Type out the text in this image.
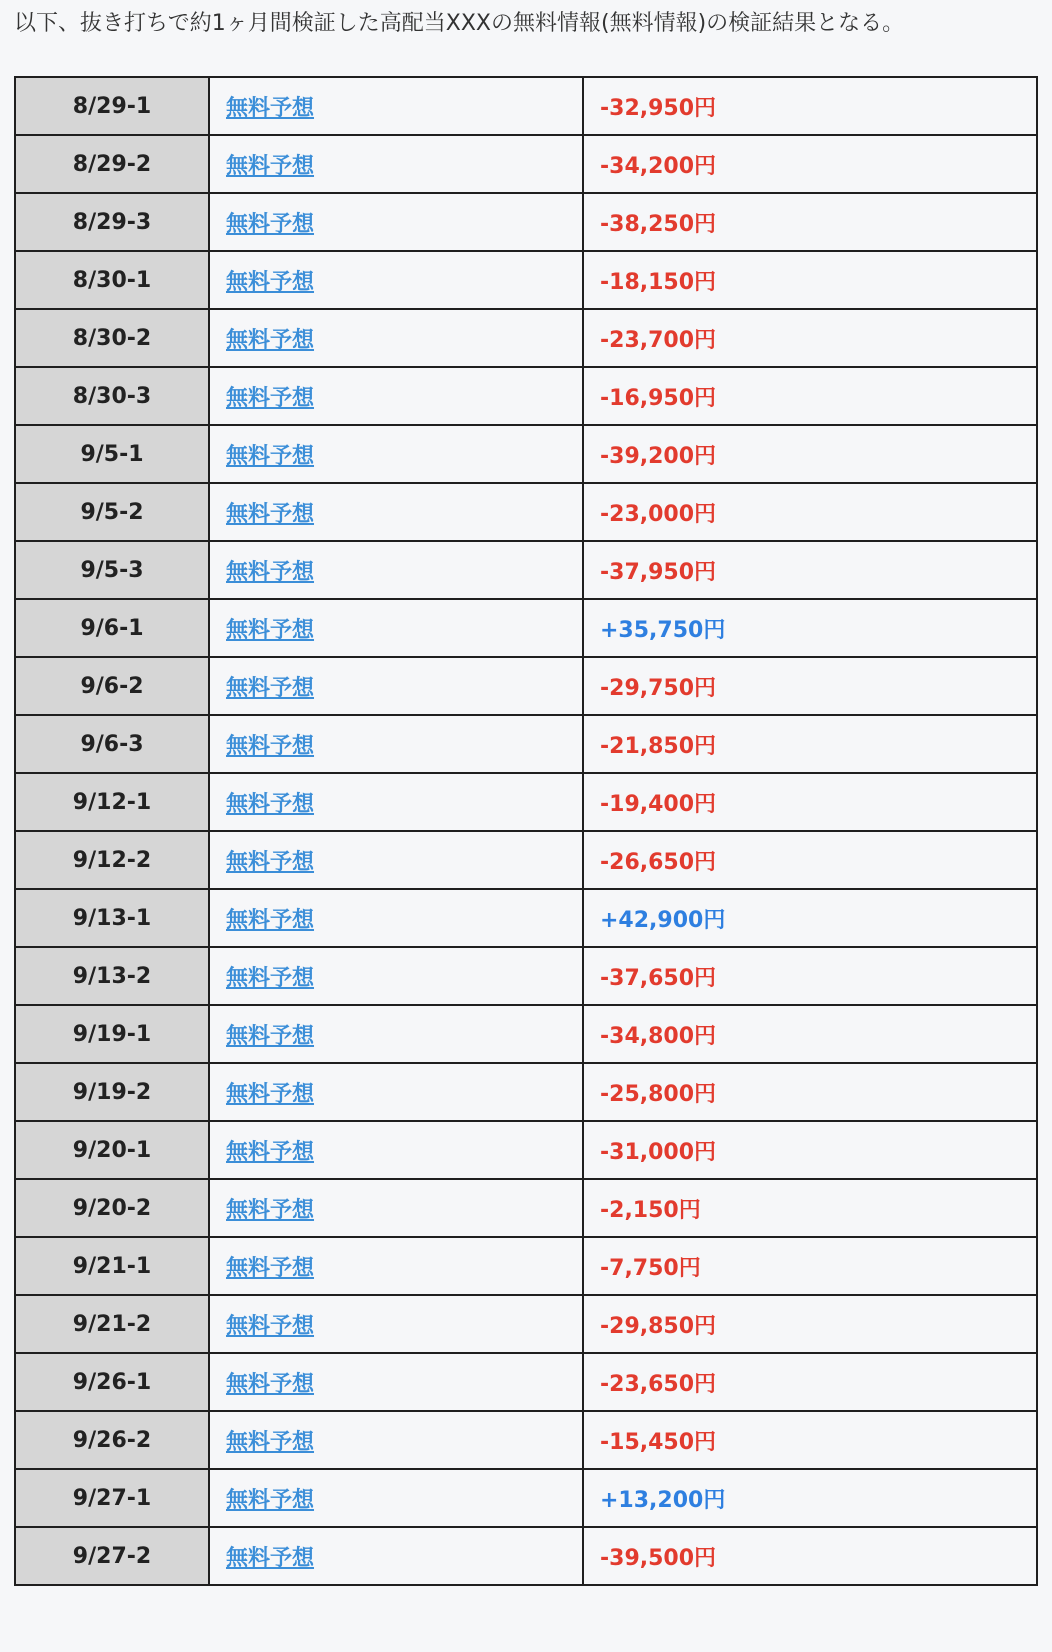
以下、抜き打ちで約1ヶ月間検証した高配当XXXの無料情報(無料情報)の検証結果となる。
8/29-1	無料予想	-32,950円
8/29-2	無料予想	-34,200円
8/29-3	無料予想	-38,250円
8/30-1	無料予想	-18,150円
8/30-2	無料予想	-23,700円
8/30-3	無料予想	-16,950円
9/5-1	無料予想	-39,200円
9/5-2	無料予想	-23,000円
9/5-3	無料予想	-37,950円
9/6-1	無料予想	+35,750円
9/6-2	無料予想	-29,750円
9/6-3	無料予想	-21,850円
9/12-1	無料予想	-19,400円
9/12-2	無料予想	-26,650円
9/13-1	無料予想	+42,900円
9/13-2	無料予想	-37,650円
9/19-1	無料予想	-34,800円
9/19-2	無料予想	-25,800円
9/20-1	無料予想	-31,000円
9/20-2	無料予想	-2,150円
9/21-1	無料予想	-7,750円
9/21-2	無料予想	-29,850円
9/26-1	無料予想	-23,650円
9/26-2	無料予想	-15,450円
9/27-1	無料予想	+13,200円
9/27-2	無料予想	-39,500円
